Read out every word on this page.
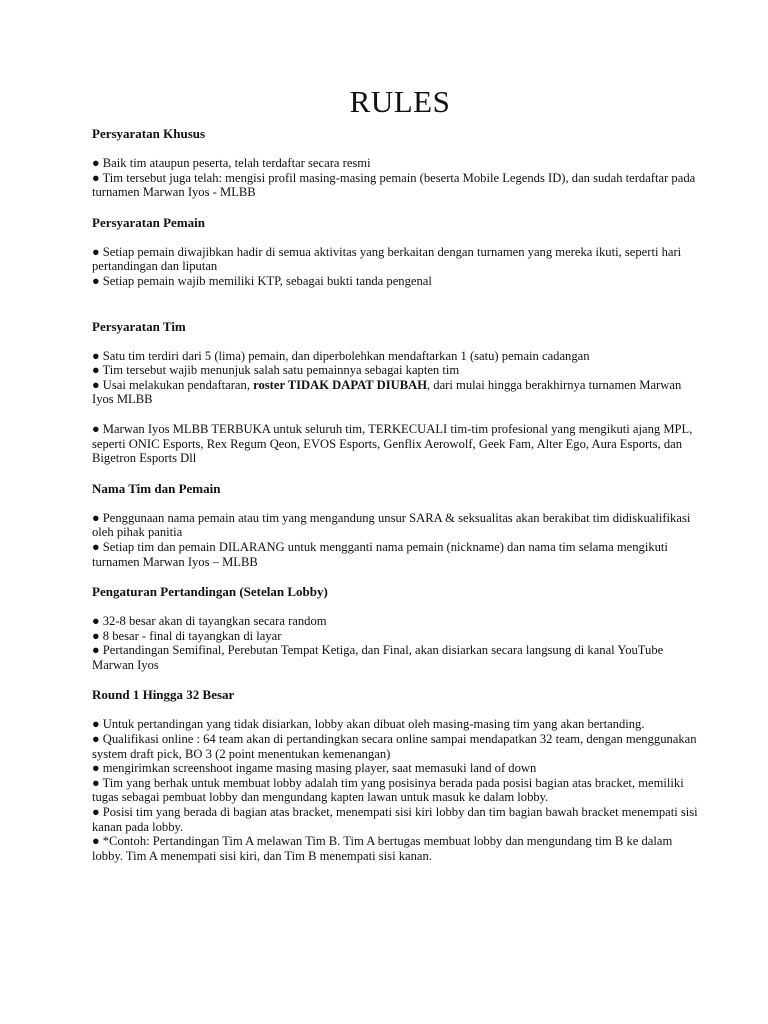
RULES
Persyaratan Khusus

● Baik tim ataupun peserta, telah terdaftar secara resmi

● Tim tersebut juga telah: mengisi profil masing-masing pemain (beserta Mobile Legends ID), dan sudah terdaftar pada turnamen Marwan Iyos - MLBB

Persyaratan Pemain

● Setiap pemain diwajibkan hadir di semua aktivitas yang berkaitan dengan turnamen yang mereka ikuti, seperti hari pertandingan dan liputan

● Setiap pemain wajib memiliki KTP, sebagai bukti tanda pengenal

Persyaratan Tim

● Satu tim terdiri dari 5 (lima) pemain, dan diperbolehkan mendaftarkan 1 (satu) pemain cadangan

● Tim tersebut wajib menunjuk salah satu pemainnya sebagai kapten tim

● Usai melakukan pendaftaran, roster TIDAK DAPAT DIUBAH, dari mulai hingga berakhirnya turnamen Marwan Iyos MLBB

● Marwan Iyos MLBB TERBUKA untuk seluruh tim, TERKECUALI tim-tim profesional yang mengikuti ajang MPL, seperti ONIC Esports, Rex Regum Qeon, EVOS Esports, Genflix Aerowolf, Geek Fam, Alter Ego, Aura Esports, dan Bigetron Esports Dll

Nama Tim dan Pemain

● Penggunaan nama pemain atau tim yang mengandung unsur SARA & seksualitas akan berakibat tim didiskualifikasi oleh pihak panitia

● Setiap tim dan pemain DILARANG untuk mengganti nama pemain (nickname) dan nama tim selama mengikuti turnamen Marwan Iyos – MLBB

Pengaturan Pertandingan (Setelan Lobby)

● 32-8 besar akan di tayangkan secara random

● 8 besar - final di tayangkan di layar

● Pertandingan Semifinal, Perebutan Tempat Ketiga, dan Final, akan disiarkan secara langsung di kanal YouTube Marwan Iyos

Round 1 Hingga 32 Besar

● Untuk pertandingan yang tidak disiarkan, lobby akan dibuat oleh masing-masing tim yang akan bertanding.

● Qualifikasi online : 64 team akan di pertandingkan secara online sampai mendapatkan 32 team, dengan menggunakan system draft pick, BO 3 (2 point menentukan kemenangan)

● mengirimkan screenshoot ingame masing masing player, saat memasuki land of down

● Tim yang berhak untuk membuat lobby adalah tim yang posisinya berada pada posisi bagian atas bracket, memiliki tugas sebagai pembuat lobby dan mengundang kapten lawan untuk masuk ke dalam lobby.

● Posisi tim yang berada di bagian atas bracket, menempati sisi kiri lobby dan tim bagian bawah bracket menempati sisi kanan pada lobby.

● *Contoh: Pertandingan Tim A melawan Tim B. Tim A bertugas membuat lobby dan mengundang tim B ke dalam lobby. Tim A menempati sisi kiri, dan Tim B menempati sisi kanan.
